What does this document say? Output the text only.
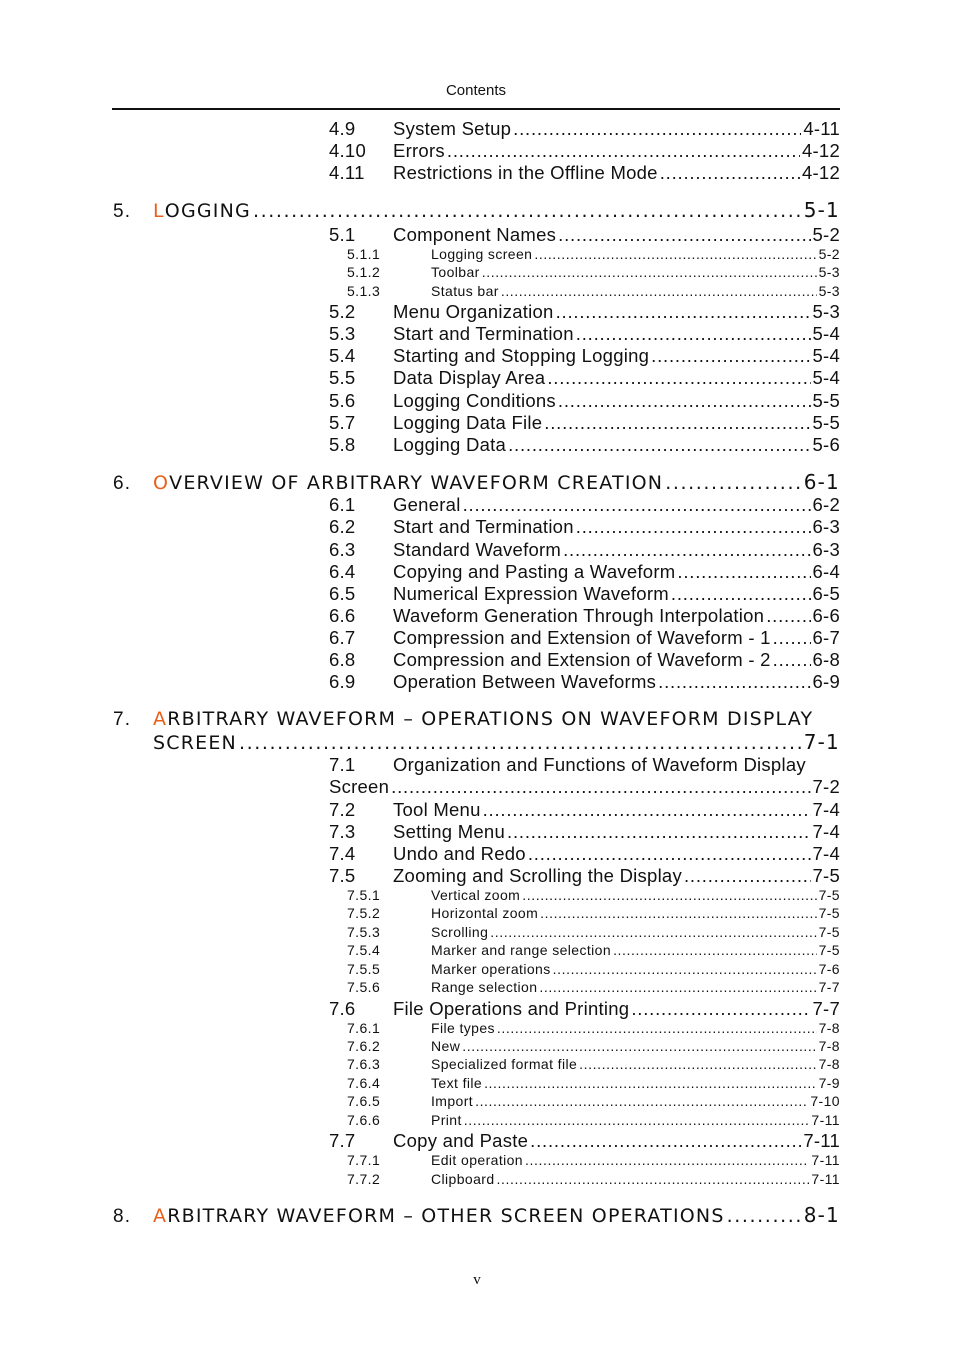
Contents
4.9	System Setup .....	4-11
4.10	Errors .....	4-12
4.11	Restrictions in the Offline Mode .....	4-12
5.	L OGGING .....	5-1
5.1	Component Names .....	5-2
5.1.1	Logging screen .....	5-2
5.1.2	Toolbar .....	5-3
5.1.3	Status bar .....	5-3
5.2	Menu Organization .....	5-3
5.3	Start and Termination .....	5-4
5.4	Starting and Stopping Logging .....	5-4
5.5	Data Display Area .....	5-4
5.6	Logging Conditions .....	5-5
5.7	Logging Data File .....	5-5
5.8	Logging Data .....	5-6
6.	O VERVIEW OF ARBITRARY WAVEFORM CREATION .....	6-1
6.1	General .....	6-2
6.2	Start and Termination .....	6-3
6.3	Standard Waveform .....	6-3
6.4	Copying and Pasting a Waveform .....	6-4
6.5	Numerical Expression Waveform .....	6-5
6.6	Waveform Generation Through Interpolation .....	6-6
6.7	Compression and Extension of Waveform - 1 ..... 6-7
6.8	Compression and Extension of Waveform - 2 ..... 6-8
6.9	Operation Between Waveforms .....	6-9
7.	A RBITRARY WAVEFORM – OPERATIONS ON WAVEFORM DISPLAY
SCREEN .....	7-1
7.1	Organization and Functions of Waveform Display
Screen .....	7-2
7.2	Tool Menu .....	7-4
7.3	Setting Menu .....	7-4
7.4	Undo and Redo .....	7-4
7.5	Zooming and Scrolling the Display .....	7-5
7.5.1	Vertical zoom .....	7-5
7.5.2	Horizontal zoom .....	7-5
7.5.3	Scrolling .....	7-5
7.5.4	Marker and range selection .....	7-5
7.5.5	Marker operations .....	7-6
7.5.6	Range selection .....	7-7
7.6	File Operations and Printing .....	7-7
7.6.1	File types .....	7-8
7.6.2	New .....	7-8
7.6.3	Specialized format file .....	7-8
7.6.4	Text file .....	7-9
7.6.5	Import .....	7-10
7.6.6	Print .....	7-11
7.7	Copy and Paste .....	7-11
7.7.1	Edit operation .....	7-11
7.7.2	Clipboard .....	7-11
8.	A RBITRARY WAVEFORM – OTHER SCREEN OPERATIONS .....	8-1
v
